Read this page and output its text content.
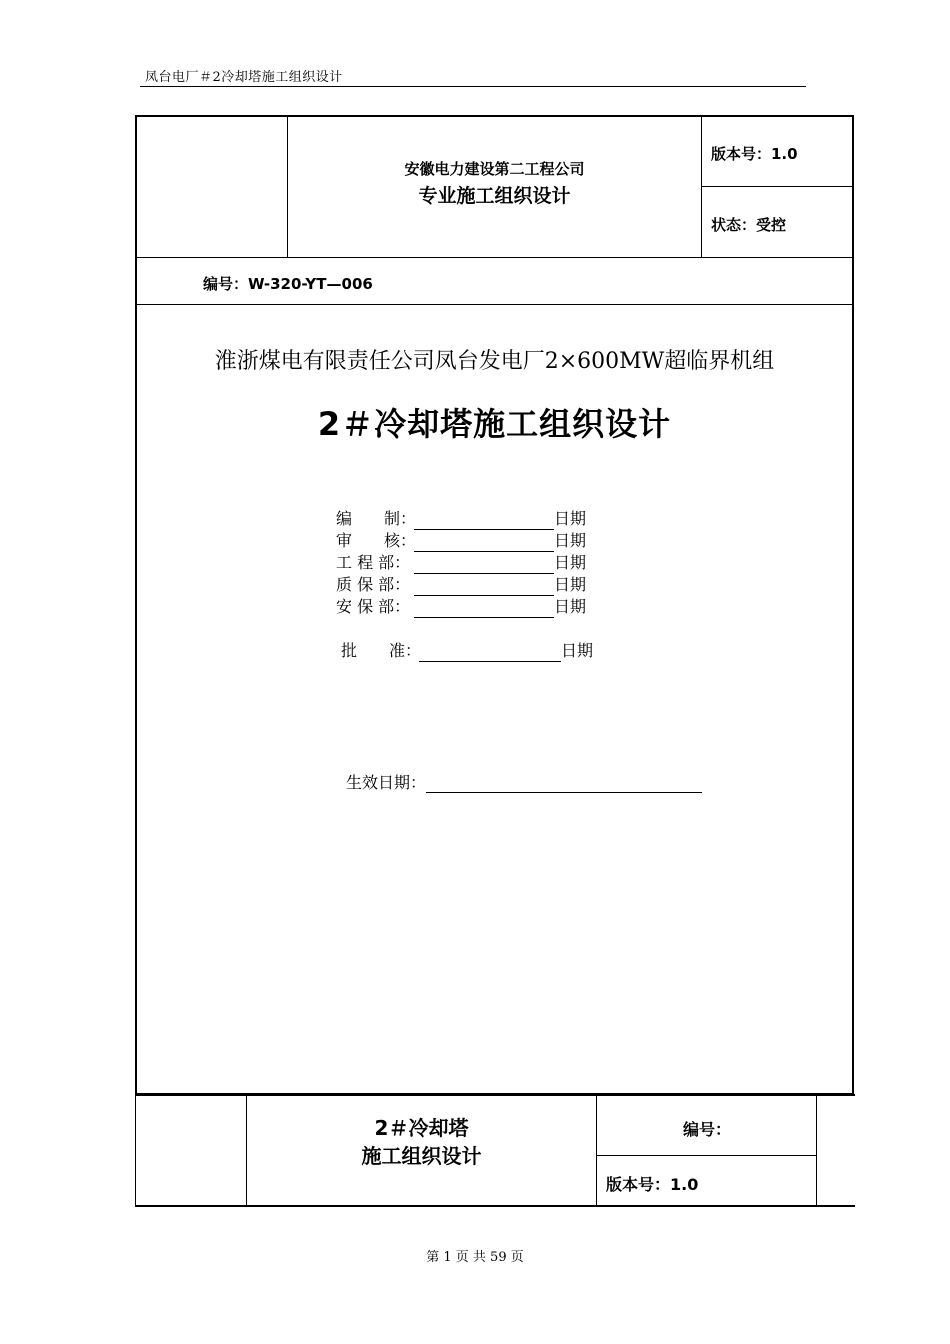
凤台电厂＃2冷却塔施工组织设计
安徽电力建设第二工程公司
专业施工组织设计
版本号：1.0
状态：受控
编号：W-320-YT—006
淮浙煤电有限责任公司凤台发电厂2×600MW超临界机组
2＃冷却塔施工组织设计
编　　制：	日期
审　　核：	日期
工 程 部：	日期
质 保 部：	日期
安 保 部：	日期
批　　准：	日期
生效日期：
2＃冷却塔
施工组织设计
编号：
版本号：1.0
第 1 页 共 59 页
